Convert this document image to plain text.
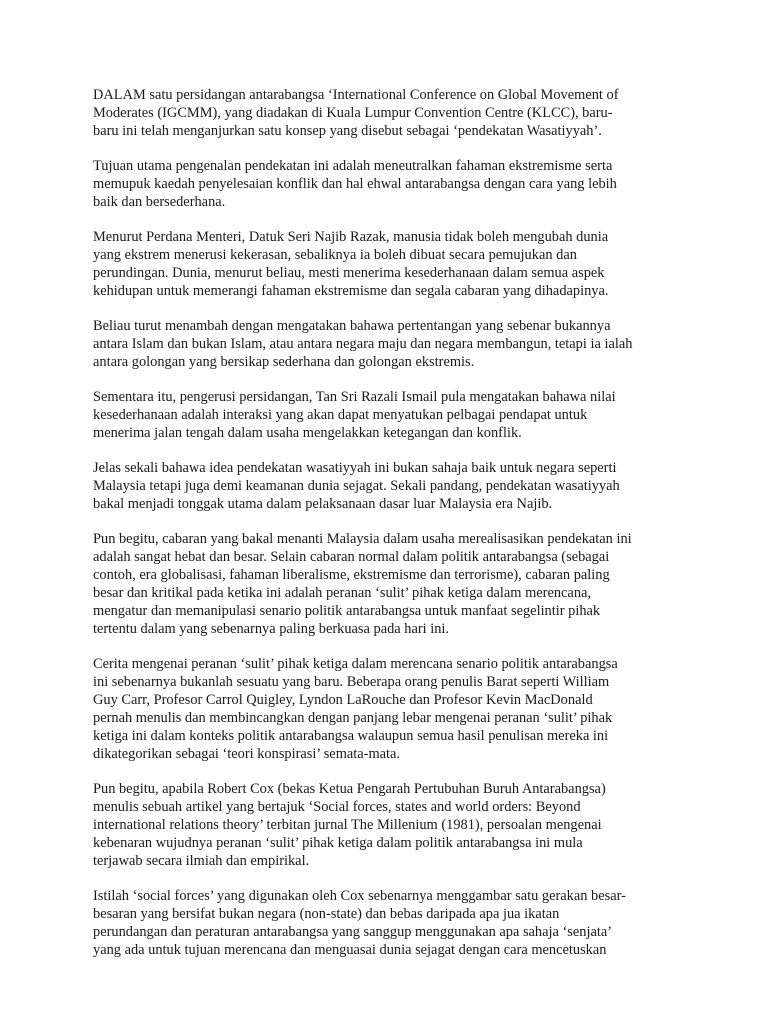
DALAM satu persidangan antarabangsa ‘International Conference on Global Movement of
Moderates (IGCMM), yang diadakan di Kuala Lumpur Convention Centre (KLCC), baru-
baru ini telah menganjurkan satu konsep yang disebut sebagai ‘pendekatan Wasatiyyah’.

Tujuan utama pengenalan pendekatan ini adalah meneutralkan fahaman ekstremisme serta
memupuk kaedah penyelesaian konflik dan hal ehwal antarabangsa dengan cara yang lebih
baik dan bersederhana.

Menurut Perdana Menteri, Datuk Seri Najib Razak, manusia tidak boleh mengubah dunia
yang ekstrem menerusi kekerasan, sebaliknya ia boleh dibuat secara pemujukan dan
perundingan. Dunia, menurut beliau, mesti menerima kesederhanaan dalam semua aspek
kehidupan untuk memerangi fahaman ekstremisme dan segala cabaran yang dihadapinya.

Beliau turut menambah dengan mengatakan bahawa pertentangan yang sebenar bukannya
antara Islam dan bukan Islam, atau antara negara maju dan negara membangun, tetapi ia ialah
antara golongan yang bersikap sederhana dan golongan ekstremis.

Sementara itu, pengerusi persidangan, Tan Sri Razali Ismail pula mengatakan bahawa nilai
kesederhanaan adalah interaksi yang akan dapat menyatukan pelbagai pendapat untuk
menerima jalan tengah dalam usaha mengelakkan ketegangan dan konflik.

Jelas sekali bahawa idea pendekatan wasatiyyah ini bukan sahaja baik untuk negara seperti
Malaysia tetapi juga demi keamanan dunia sejagat. Sekali pandang, pendekatan wasatiyyah
bakal menjadi tonggak utama dalam pelaksanaan dasar luar Malaysia era Najib.

Pun begitu, cabaran yang bakal menanti Malaysia dalam usaha merealisasikan pendekatan ini
adalah sangat hebat dan besar. Selain cabaran normal dalam politik antarabangsa (sebagai
contoh, era globalisasi, fahaman liberalisme, ekstremisme dan terrorisme), cabaran paling
besar dan kritikal pada ketika ini adalah peranan ‘sulit’ pihak ketiga dalam merencana,
mengatur dan memanipulasi senario politik antarabangsa untuk manfaat segelintir pihak
tertentu dalam yang sebenarnya paling berkuasa pada hari ini.

Cerita mengenai peranan ‘sulit’ pihak ketiga dalam merencana senario politik antarabangsa
ini sebenarnya bukanlah sesuatu yang baru. Beberapa orang penulis Barat seperti William
Guy Carr, Profesor Carrol Quigley, Lyndon LaRouche dan Profesor Kevin MacDonald
pernah menulis dan membincangkan dengan panjang lebar mengenai peranan ‘sulit’ pihak
ketiga ini dalam konteks politik antarabangsa walaupun semua hasil penulisan mereka ini
dikategorikan sebagai ‘teori konspirasi’ semata-mata.

Pun begitu, apabila Robert Cox (bekas Ketua Pengarah Pertubuhan Buruh Antarabangsa)
menulis sebuah artikel yang bertajuk ‘Social forces, states and world orders: Beyond
international relations theory’ terbitan jurnal The Millenium (1981), persoalan mengenai
kebenaran wujudnya peranan ‘sulit’ pihak ketiga dalam politik antarabangsa ini mula
terjawab secara ilmiah dan empirikal.

Istilah ‘social forces’ yang digunakan oleh Cox sebenarnya menggambar satu gerakan besar-
besaran yang bersifat bukan negara (non-state) dan bebas daripada apa jua ikatan
perundangan dan peraturan antarabangsa yang sanggup menggunakan apa sahaja ‘senjata’
yang ada untuk tujuan merencana dan menguasai dunia sejagat dengan cara mencetuskan
